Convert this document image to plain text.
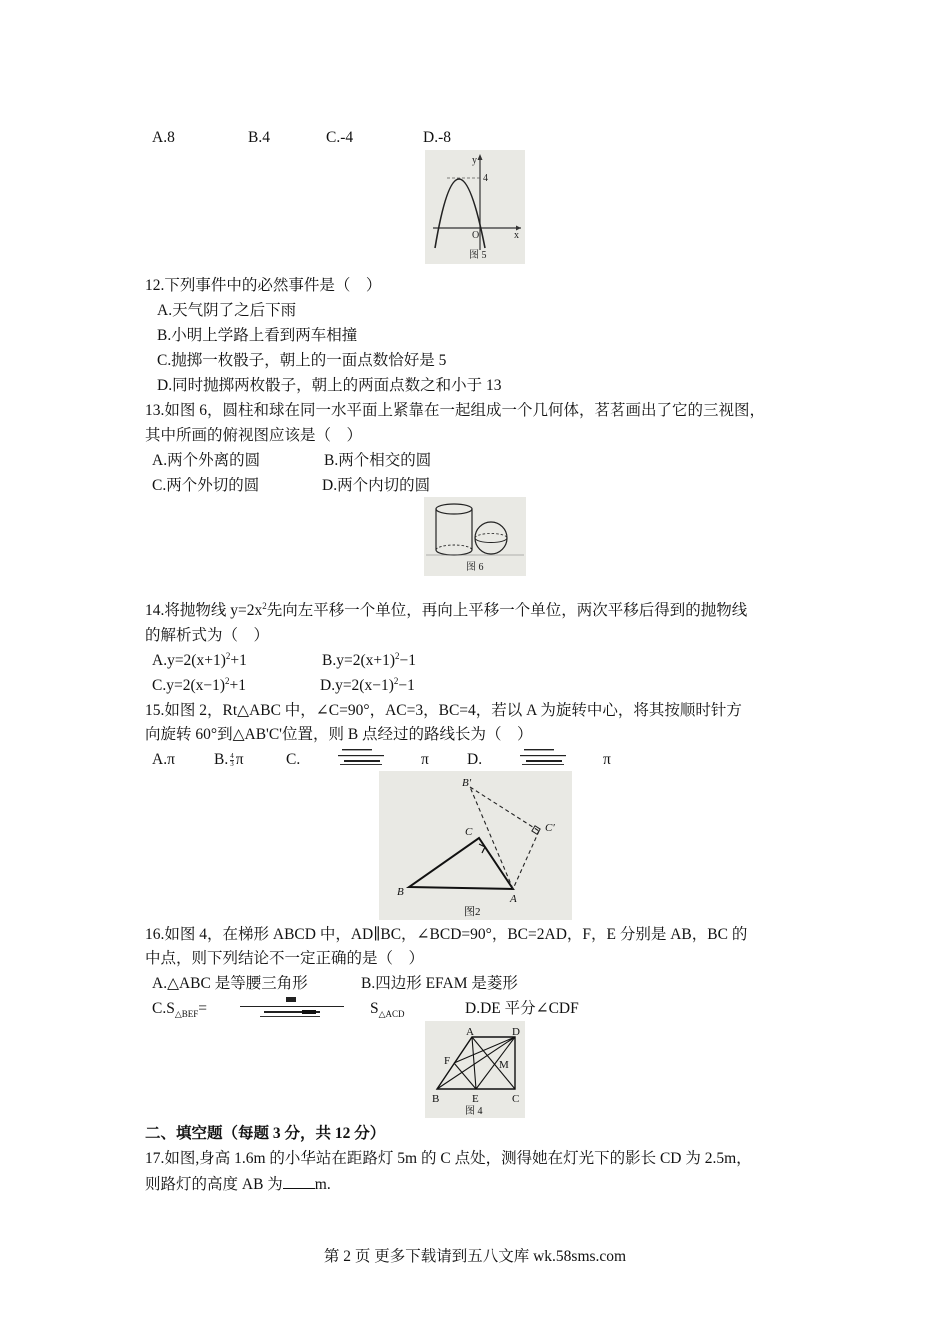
A.8	B.4	C.-4	D.-8
y
4
O	x
图 5
12.下列事件中的必然事件是（　）
A.天气阴了之后下雨
B.小明上学路上看到两车相撞
C.抛掷一枚骰子，朝上的一面点数恰好是 5
D.同时抛掷两枚骰子，朝上的两面点数之和小于 13
13.如图 6，圆柱和球在同一水平面上紧靠在一起组成一个几何体，茗茗画出了它的三视图，
其中所画的俯视图应该是（　）
A.两个外离的圆	B.两个相交的圆
C.两个外切的圆	D.两个内切的圆
图 6
14.将抛物线 $y=2x^2$先向左平移一个单位，再向上平移一个单位，两次平移后得到的抛物线
的解析式为（　）
$A.y=2(x+1)^2+1$	$B.y=2(x+1)^2-1$
$C.y=2(x-1)^2+1$	$D.y=2(x-1)^2-1$
15.如图 2，Rt△ABC 中，∠C=90°，AC=3，BC=4，若以 A 为旋转中心，将其按顺时针方
向旋转 60°到△AB'C'位置，则 B 点经过的路线长为（　）
A.π	B. $\frac{4}{3}$ π	C.	π D.	π
B′
C′
C
B
A
图2
16.如图 4，在梯形 ABCD 中，AD∥BC，∠BCD=90°，BC=2AD，F，E 分别是 AB，BC 的
中点，则下列结论不一定正确的是（　）
A.△ABC 是等腰三角形	B.四边形 EFAM 是菱形
$C.S_{\triangle BEF}=$	$S_{\triangle ACD}$	D.DE 平分∠CDF
A	D
F	M
B	E	C
图 4
二、填空题（每题 3 分，共 12 分）
17.如图,身高 1.6m 的小华站在距路灯 5m 的 C 点处，测得她在灯光下的影长 CD 为 2.5m，
则路灯的高度 AB 为 m.
第 2 页 更多下载请到五八文库 wk.58sms.com
